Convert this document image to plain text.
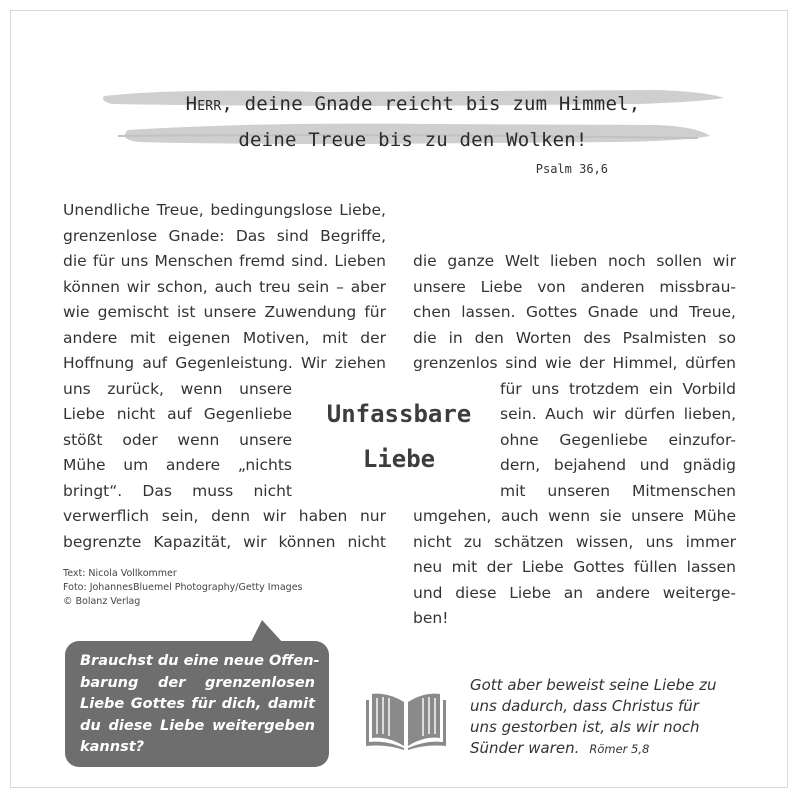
Herr, deine Gnade reicht bis zum Himmel,
deine Treue bis zu den Wolken!
Psalm 36,6
Unendliche Treue, bedingungslose Liebe,
grenzenlose Gnade: Das sind Begriffe,
die für uns Menschen fremd sind. Lieben
können wir schon, auch treu sein – aber
wie gemischt ist unsere Zuwendung für
andere mit eigenen Motiven, mit der
Hoffnung auf Gegenleistung. Wir ziehen
uns zurück, wenn unsere
Liebe nicht auf Gegenliebe
stößt oder wenn unsere
Mühe um andere „nichts
bringt“. Das muss nicht
verwerflich sein, denn wir haben nur
begrenzte Kapazität, wir können nicht
Unfassbare
Liebe
die ganze Welt lieben noch sollen wir
unsere Liebe von anderen missbrau-
chen lassen. Gottes Gnade und Treue,
die in den Worten des Psalmisten so
grenzenlos sind wie der Himmel, dürfen
für uns trotzdem ein Vorbild
sein. Auch wir dürfen lieben,
ohne Gegenliebe einzufor-
dern, bejahend und gnädig
mit unseren Mitmenschen
umgehen, auch wenn sie unsere Mühe
nicht zu schätzen wissen, uns immer
neu mit der Liebe Gottes füllen lassen
und diese Liebe an andere weiterge-
ben!
Text: Nicola Vollkommer
Foto: JohannesBluemel Photography/Getty Images
© Bolanz Verlag
Brauchst du eine neue Offen-
barung der grenzenlosen
Liebe Gottes für dich, damit
du diese Liebe weitergeben
kannst?
Gott aber beweist seine Liebe zu
uns dadurch, dass Christus für
uns gestorben ist, als wir noch
Sünder waren. Römer 5,8
